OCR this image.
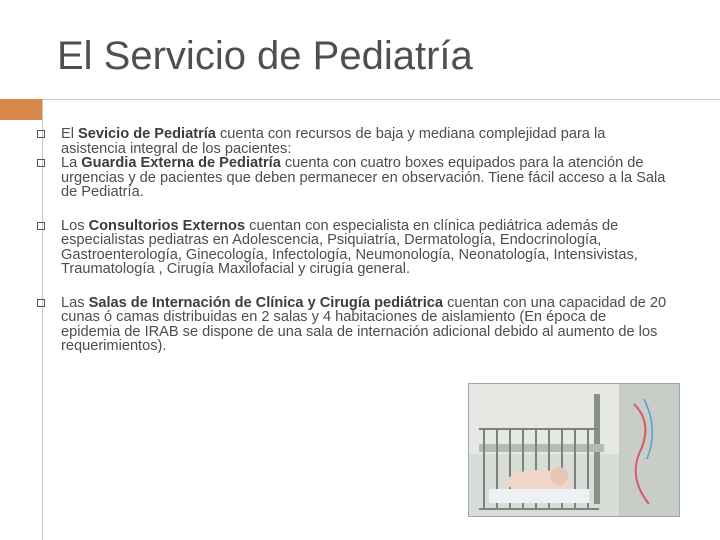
El Servicio de Pediatría
El Sevicio de Pediatría cuenta con recursos de baja y mediana complejidad para la asistencia integral de los pacientes:
La Guardia Externa de Pediatría cuenta con cuatro boxes equipados para la atención de urgencias y de pacientes que deben permanecer en observación. Tiene fácil acceso a la Sala de Pediatría.
Los Consultorios Externos cuentan con especialista en clínica pediátrica además de especialistas pediatras en Adolescencia, Psiquiatría, Dermatología, Endocrinología, Gastroenterología, Ginecología, Infectología, Neumonología, Neonatología, Intensivistas, Traumatología , Cirugía Maxilofacial y cirugía general.
Las Salas de Internación de Clínica y Cirugía pediátrica cuentan con una capacidad de 20 cunas ó camas distribuidas en 2 salas y 4 habitaciones de aislamiento (En época de epidemia de IRAB se dispone de una sala de internación adicional debido al aumento de los requerimientos).
